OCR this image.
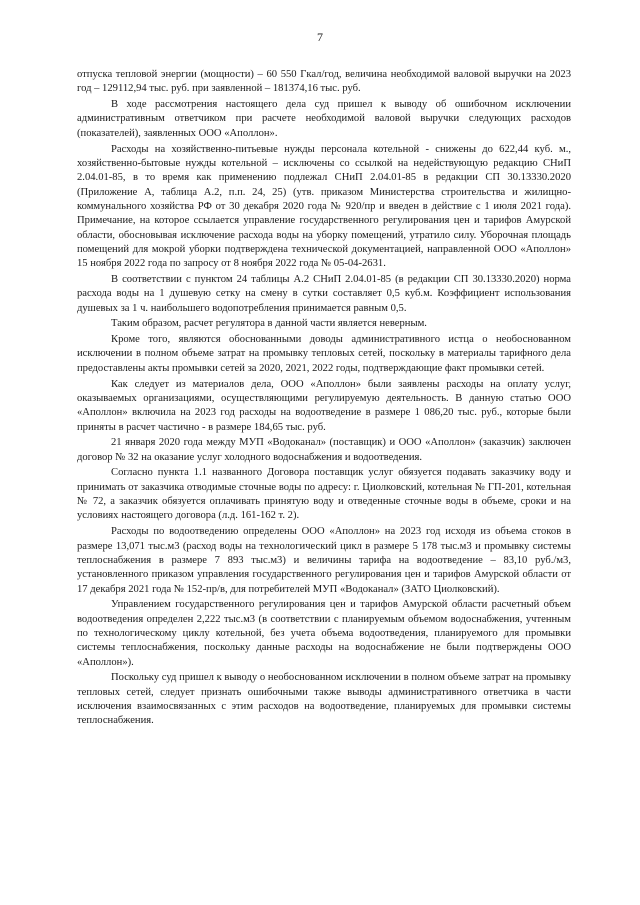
7

отпуска тепловой энергии (мощности) – 60 550 Гкал/год, величина необходимой валовой выручки на 2023 год – 129112,94 тыс. руб. при заявленной – 181374,16 тыс. руб.

В ходе рассмотрения настоящего дела суд пришел к выводу об ошибочном исключении административным ответчиком при расчете необходимой валовой выручки следующих расходов (показателей), заявленных ООО «Аполлон».

Расходы на хозяйственно-питьевые нужды персонала котельной - снижены до 622,44 куб. м., хозяйственно-бытовые нужды котельной – исключены со ссылкой на недействующую редакцию СНиП 2.04.01-85, в то время как применению подлежал СНиП 2.04.01-85 в редакции СП 30.13330.2020 (Приложение А, таблица А.2, п.п. 24, 25) (утв. приказом Министерства строительства и жилищно-коммунального хозяйства РФ от 30 декабря 2020 года № 920/пр и введен в действие с 1 июля 2021 года). Примечание, на которое ссылается управление государственного регулирования цен и тарифов Амурской области, обосновывая исключение расхода воды на уборку помещений, утратило силу. Уборочная площадь помещений для мокрой уборки подтверждена технической документацией, направленной ООО «Аполлон» 15 ноября 2022 года по запросу от 8 ноября 2022 года № 05-04-2631.

В соответствии с пунктом 24 таблицы А.2 СНиП 2.04.01-85 (в редакции СП 30.13330.2020) норма расхода воды на 1 душевую сетку на смену в сутки составляет 0,5 куб.м. Коэффициент использования душевых за 1 ч. наибольшего водопотребления принимается равным 0,5.

Таким образом, расчет регулятора в данной части является неверным.

Кроме того, являются обоснованными доводы административного истца о необоснованном исключении в полном объеме затрат на промывку тепловых сетей, поскольку в материалы тарифного дела предоставлены акты промывки сетей за 2020, 2021, 2022 годы, подтверждающие факт промывки сетей.

Как следует из материалов дела, ООО «Аполлон» были заявлены расходы на оплату услуг, оказываемых организациями, осуществляющими регулируемую деятельность. В данную статью ООО «Аполлон» включила на 2023 год расходы на водоотведение в размере 1 086,20 тыс. руб., которые были приняты в расчет частично - в размере 184,65 тыс. руб.

21 января 2020 года между МУП «Водоканал» (поставщик) и ООО «Аполлон» (заказчик) заключен договор № 32 на оказание услуг холодного водоснабжения и водоотведения.

Согласно пункта 1.1 названного Договора поставщик услуг обязуется подавать заказчику воду и принимать от заказчика отводимые сточные воды по адресу: г. Циолковский, котельная № ГП-201, котельная № 72, а заказчик обязуется оплачивать принятую воду и отведенные сточные воды в объеме, сроки и на условиях настоящего договора (л.д. 161-162 т. 2).

Расходы по водоотведению определены ООО «Аполлон» на 2023 год исходя из объема стоков в размере 13,071 тыс.м3 (расход воды на технологический цикл в размере 5 178 тыс.м3 и промывку системы теплоснабжения в размере 7 893 тыс.м3) и величины тарифа на водоотведение – 83,10 руб./м3, установленного приказом управления государственного регулирования цен и тарифов Амурской области от 17 декабря 2021 года № 152-пр/в, для потребителей МУП «Водоканал» (ЗАТО Циолковский).

Управлением государственного регулирования цен и тарифов Амурской области расчетный объем водоотведения определен 2,222 тыс.м3 (в соответствии с планируемым объемом водоснабжения, учтенным по технологическому циклу котельной, без учета объема водоотведения, планируемого для промывки системы теплоснабжения, поскольку данные расходы на водоснабжение не были подтверждены ООО «Аполлон»).

Поскольку суд пришел к выводу о необоснованном исключении в полном объеме затрат на промывку тепловых сетей, следует признать ошибочными также выводы административного ответчика в части исключения взаимосвязанных с этим расходов на водоотведение, планируемых для промывки системы теплоснабжения.
